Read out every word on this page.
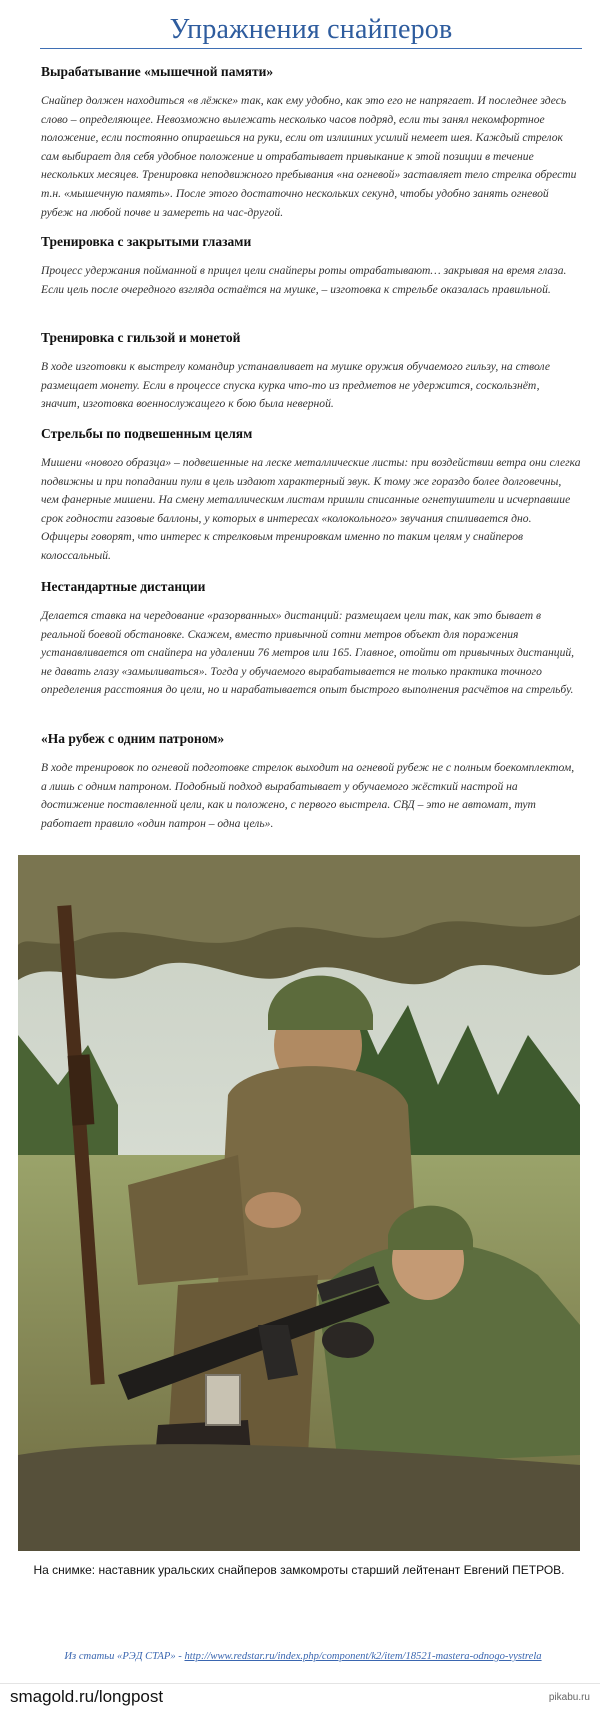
Упражнения снайперов

Вырабатывание «мышечной памяти»

Снайпер должен находиться «в лёжке» так, как ему удобно, как это его не напрягает. И последнее здесь слово – определяющее. Невозможно вылежать несколько часов подряд, если ты занял некомфортное положение, если постоянно опираешься на руки, если от излишних усилий немеет шея. Каждый стрелок сам выбирает для себя удобное положение и отрабатывает привыкание к этой позиции в течение нескольких месяцев. Тренировка неподвижного пребывания «на огневой» заставляет тело стрелка обрести т.н. «мышечную память». После этого достаточно нескольких секунд, чтобы удобно занять огневой рубеж на любой почве и замереть на час-другой.

Тренировка с закрытыми глазами

Процесс удержания пойманной в прицел цели снайперы роты отрабатывают… закрывая на время глаза. Если цель после очередного взгляда остаётся на мушке, – изготовка к стрельбе оказалась правильной.

Тренировка с гильзой и монетой

В ходе изготовки к выстрелу командир устанавливает на мушке оружия обучаемого гильзу, на стволе размещает монету. Если в процессе спуска курка что-то из предметов не удержится, соскользнёт, значит, изготовка военнослужащего к бою была неверной.

Стрельбы по подвешенным целям

Мишени «нового образца» – подвешенные на леске металлические листы: при воздействии ветра они слегка подвижны и при попадании пули в цель издают характерный звук. К тому же гораздо более долговечны, чем фанерные мишени. На смену металлическим листам пришли списанные огнетушители и исчерпавшие срок годности газовые баллоны, у которых в интересах «колокольного» звучания спиливается дно. Офицеры говорят, что интерес к стрелковым тренировкам именно по таким целям у снайперов колоссальный.

Нестандартные дистанции

Делается ставка на чередование «разорванных» дистанций: размещаем цели так, как это бывает в реальной боевой обстановке. Скажем, вместо привычной сотни метров объект для поражения устанавливается от снайпера на удалении 76 метров или 165. Главное, отойти от привычных дистанций, не давать глазу «замыливаться». Тогда у обучаемого вырабатывается не только практика точного определения расстояния до цели, но и нарабатывается опыт быстрого выполнения расчётов на стрельбу.

«На рубеж с одним патроном»

В ходе тренировок по огневой подготовке стрелок выходит на огневой рубеж не с полным боекомплектом, а лишь с одним патроном. Подобный подход вырабатывает у обучаемого жёсткий настрой на достижение поставленной цели, как и положено, с первого выстрела. СВД – это не автомат, тут работает правило «один патрон – одна цель».

На снимке: наставник уральских снайперов замкомроты старший лейтенант Евгений ПЕТРОВ.
Из статьи «РЭД СТАР» - http://www.redstar.ru/index.php/component/k2/item/18521-mastera-odnogo-vystrela
smagold.ru/longpost	pikabu.ru
